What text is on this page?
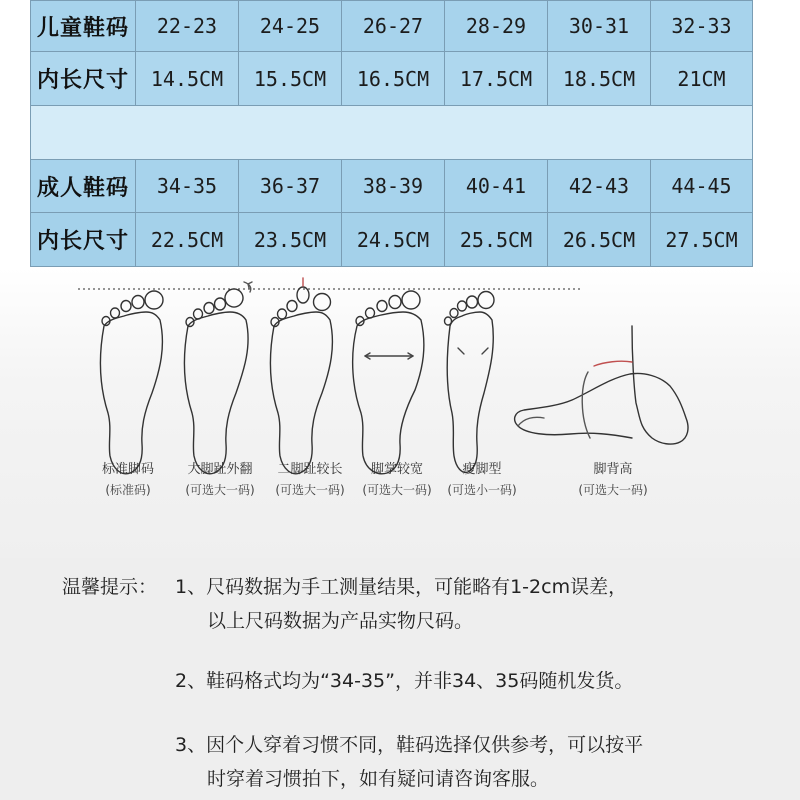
儿童鞋码	22-23	24-25	26-27	28-29	30-31	32-33
内长尺寸	14.5CM	15.5CM	16.5CM	17.5CM	18.5CM	21CM

成人鞋码	34-35	36-37	38-39	40-41	42-43	44-45
内长尺寸	22.5CM	23.5CM	24.5CM	25.5CM	26.5CM	27.5CM
标准脚码
(标准码)
大脚趾外翻
(可选大一码)
二脚趾较长
(可选大一码)
脚掌较宽
(可选大一码)
瘦脚型
(可选小一码)
脚背高
(可选大一码)
温馨提示： 1、尺码数据为手工测量结果，可能略有1-2cm误差，
以上尺码数据为产品实物尺码。
2、鞋码格式均为“34-35”，并非34、35码随机发货。
3、因个人穿着习惯不同，鞋码选择仅供参考，可以按平
时穿着习惯拍下，如有疑问请咨询客服。
